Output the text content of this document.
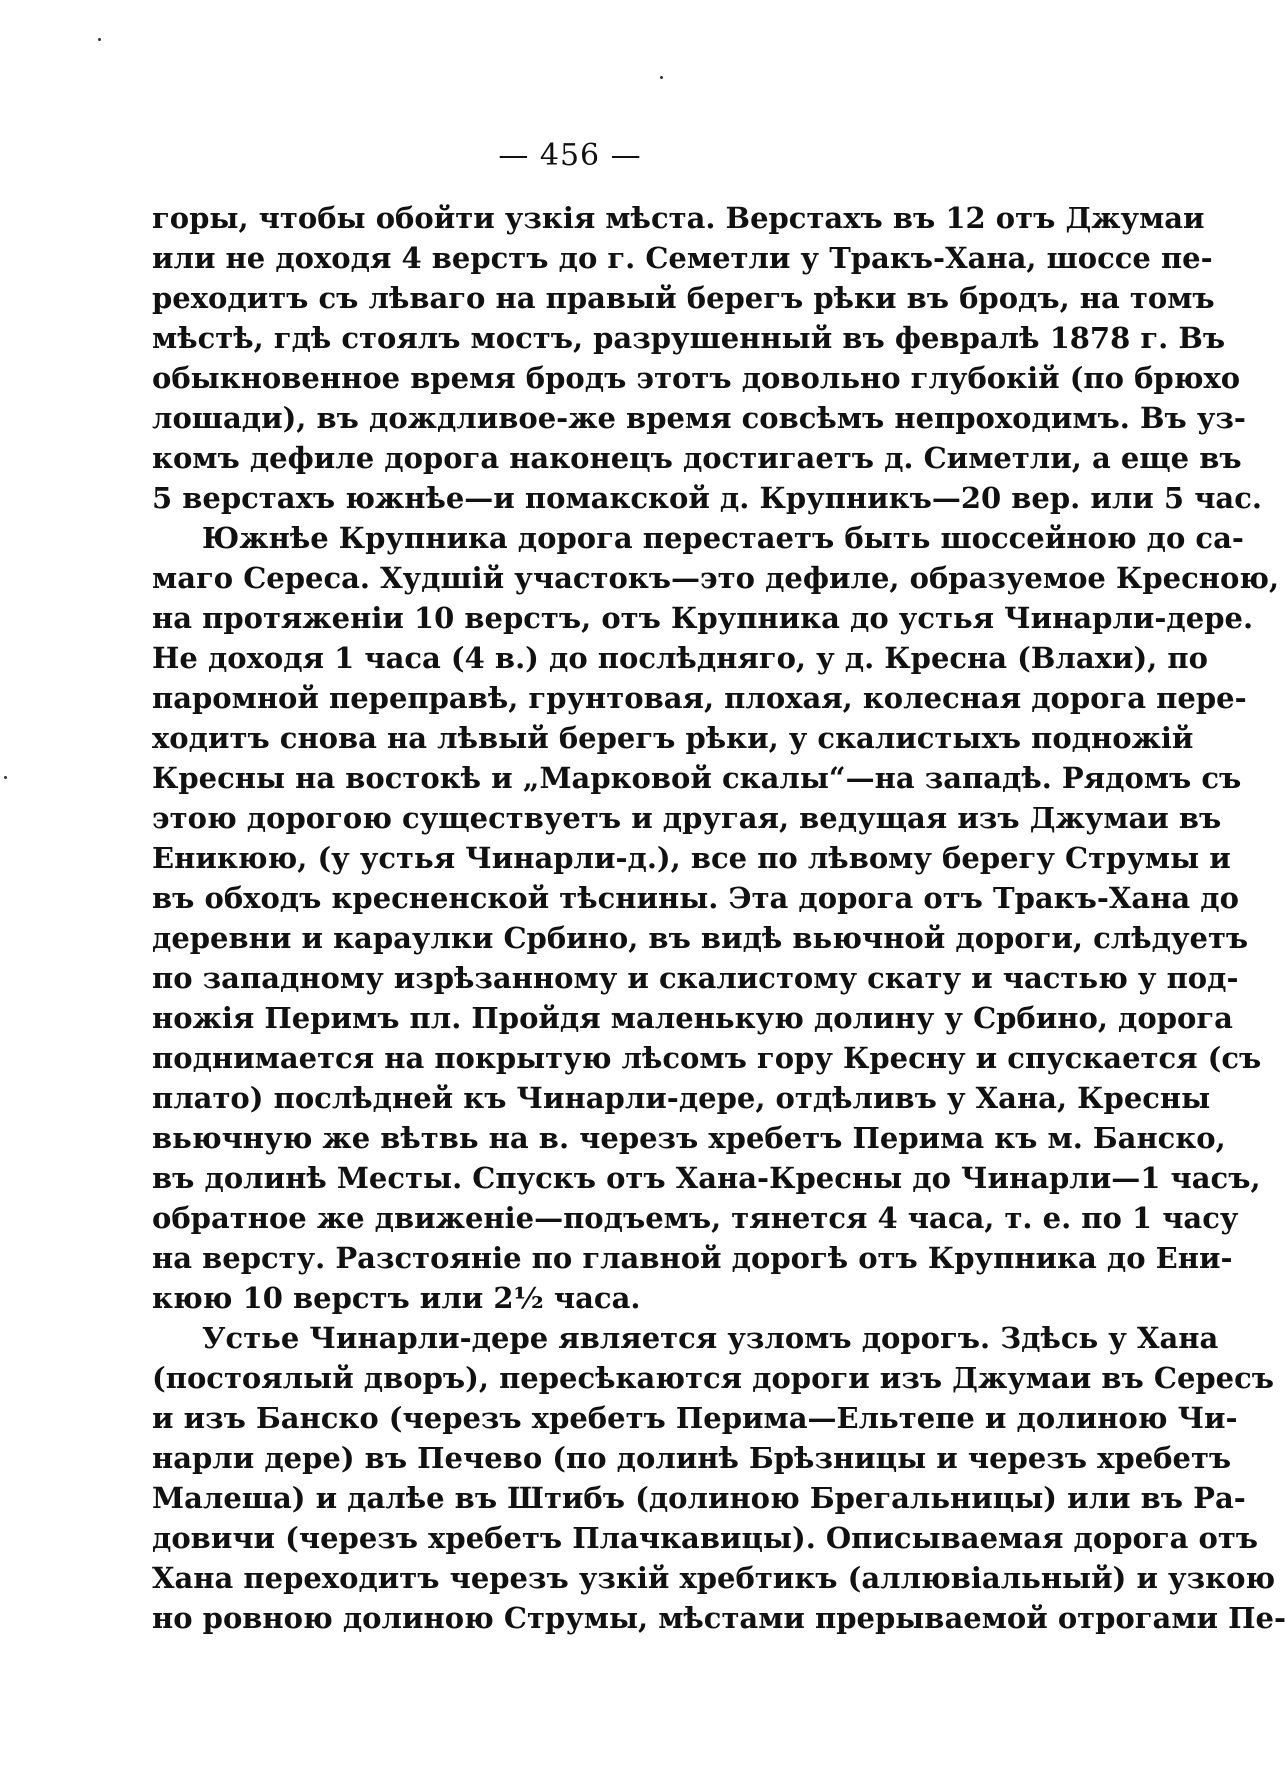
— 456 —
горы, чтобы обойти узкія мѣста. Верстахъ въ 12 отъ Джумаи
или не доходя 4 верстъ до г. Семетли у Тракъ-Хана, шоссе пе-
реходитъ съ лѣваго на правый берегъ рѣки въ бродъ, на томъ
мѣстѣ, гдѣ стоялъ мостъ, разрушенный въ февралѣ 1878 г. Въ
обыкновенное время бродъ этотъ довольно глубокій (по брюхо
лошади), въ дождливое-же время совсѣмъ непроходимъ. Въ уз-
комъ дефиле дорога наконецъ достигаетъ д. Симетли, а еще въ
5 верстахъ южнѣе—и помакской д. Крупникъ—20 вер. или 5 час.
Южнѣе Крупника дорога перестаетъ быть шоссейною до са-
маго Сереса. Худшій участокъ—это дефиле, образуемое Кресною,
на протяженіи 10 верстъ, отъ Крупника до устья Чинарли-дере.
Не доходя 1 часа (4 в.) до послѣдняго, у д. Кресна (Влахи), по
паромной переправѣ, грунтовая, плохая, колесная дорога пере-
ходитъ снова на лѣвый берегъ рѣки, у скалистыхъ подножій
Кресны на востокѣ и „Марковой скалы“—на западѣ. Рядомъ съ
этою дорогою существуетъ и другая, ведущая изъ Джумаи въ
Еникюю, (у устья Чинарли-д.), все по лѣвому берегу Струмы и
въ обходъ кресненской тѣснины. Эта дорога отъ Тракъ-Хана до
деревни и караулки Србино, въ видѣ вьючной дороги, слѣдуетъ
по западному изрѣзанному и скалистому скату и частью у под-
ножія Перимъ пл. Пройдя маленькую долину у Србино, дорога
поднимается на покрытую лѣсомъ гору Кресну и спускается (съ
плато) послѣдней къ Чинарли-дере, отдѣливъ у Хана, Кресны
вьючную же вѣтвь на в. черезъ хребетъ Перима къ м. Банско,
въ долинѣ Месты. Спускъ отъ Хана-Кресны до Чинарли—1 часъ,
обратное же движеніе—подъемъ, тянется 4 часа, т. е. по 1 часу
на версту. Разстояніе по главной дорогѣ отъ Крупника до Ени-
кюю 10 верстъ или 2½ часа.
Устье Чинарли-дере является узломъ дорогъ. Здѣсь у Хана
(постоялый дворъ), пересѣкаются дороги изъ Джумаи въ Сересъ
и изъ Банско (черезъ хребетъ Перима—Ельтепе и долиною Чи-
нарли дере) въ Печево (по долинѣ Брѣзницы и черезъ хребетъ
Малеша) и далѣе въ Штибъ (долиною Брегальницы) или въ Ра-
довичи (черезъ хребетъ Плачкавицы). Описываемая дорога отъ
Хана переходитъ черезъ узкій хребтикъ (аллювіальный) и узкою
но ровною долиною Струмы, мѣстами прерываемой отрогами Пе-
